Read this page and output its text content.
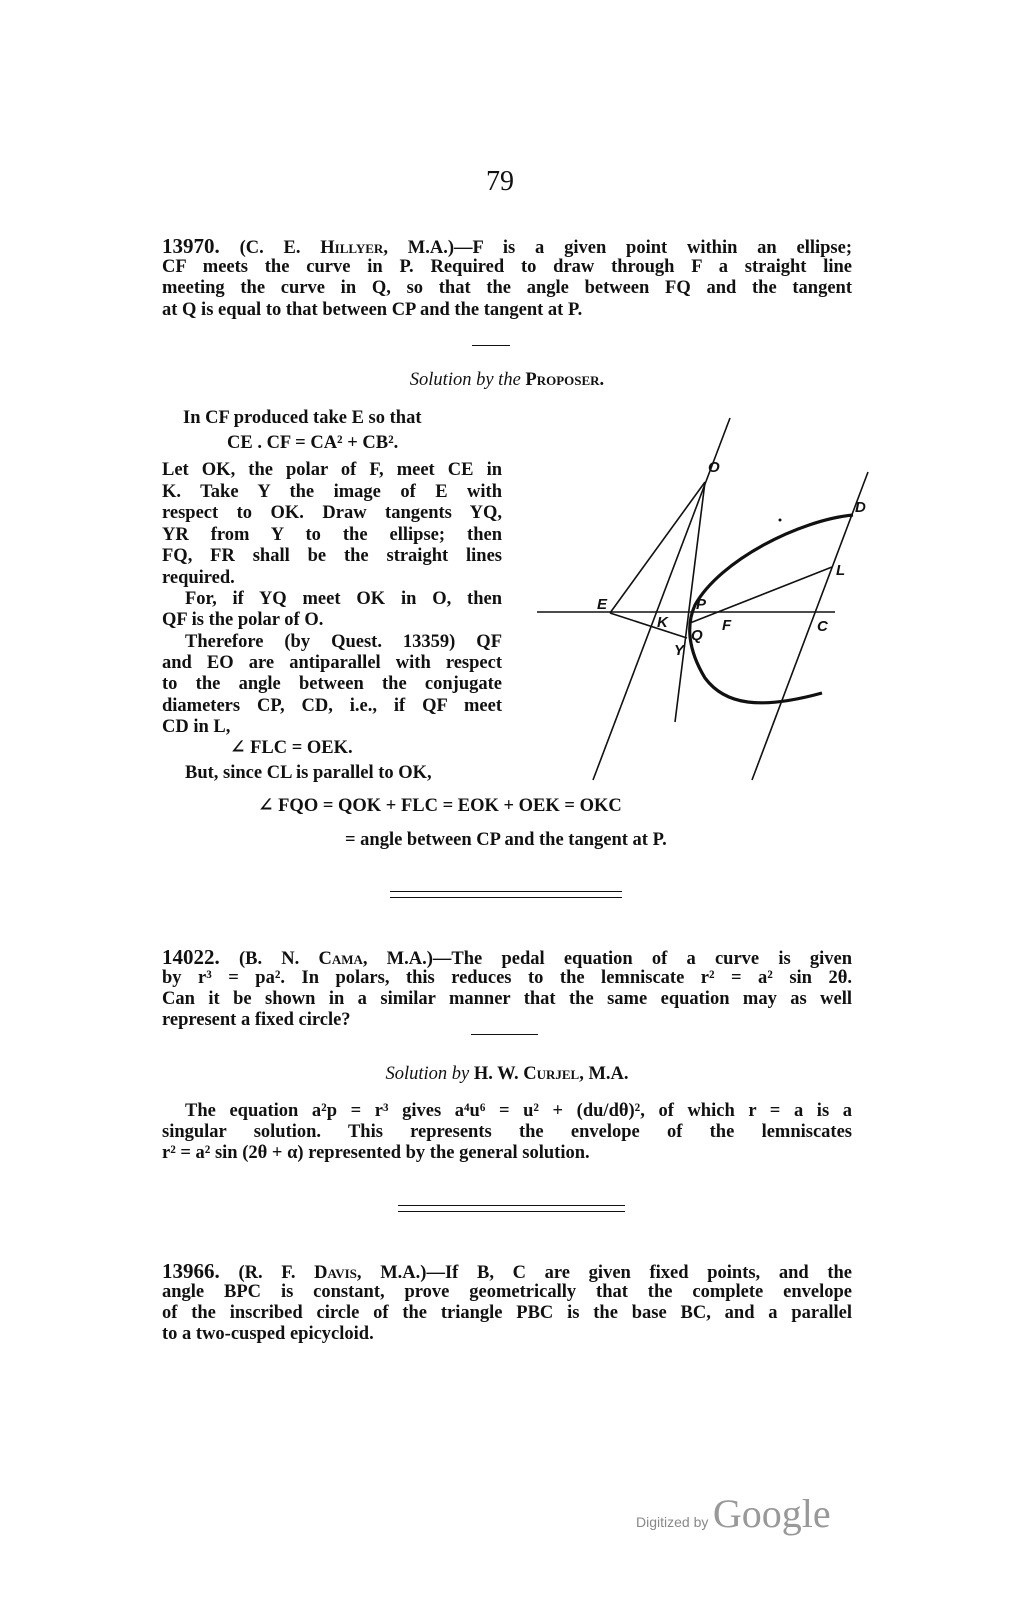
79
13970. (C. E. Hillyer, M.A.)—F is a given point within an ellipse;
CF meets the curve in P. Required to draw through F a straight line
meeting the curve in Q, so that the angle between FQ and the tangent
at Q is equal to that between CP and the tangent at P.
Solution by the Proposer.
In CF produced take E so that
CE . CF = CA² + CB².
Let OK, the polar of F, meet CE in
K. Take Y the image of E with
respect to OK. Draw tangents YQ,
YR from Y to the ellipse; then
FQ, FR shall be the straight lines
required.
For, if YQ meet OK in O, then
QF is the polar of O.
Therefore (by Quest. 13359) QF
and EO are antiparallel with respect
to the angle between the conjugate
diameters CP, CD, i.e., if QF meet
CD in L,
∠ FLC = OEK.
But, since CL is parallel to OK,
∠ FQO = QOK + FLC = EOK + OEK = OKC
= angle between CP and the tangent at P.
O
D
L
E
K
P
F	C
Q
Y
14022. (B. N. Cama, M.A.)—The pedal equation of a curve is given
by r³ = pa². In polars, this reduces to the lemniscate r² = a² sin 2θ.
Can it be shown in a similar manner that the same equation may as well
represent a fixed circle?
Solution by H. W. Curjel, M.A.
The equation a²p = r³ gives a⁴u⁶ = u² + (du/dθ)², of which r = a is a
singular solution. This represents the envelope of the lemniscates
r² = a² sin (2θ + α) represented by the general solution.
13966. (R. F. Davis, M.A.)—If B, C are given fixed points, and the
angle BPC is constant, prove geometrically that the complete envelope
of the inscribed circle of the triangle PBC is the base BC, and a parallel
to a two-cusped epicycloid.
Digitized by Google
